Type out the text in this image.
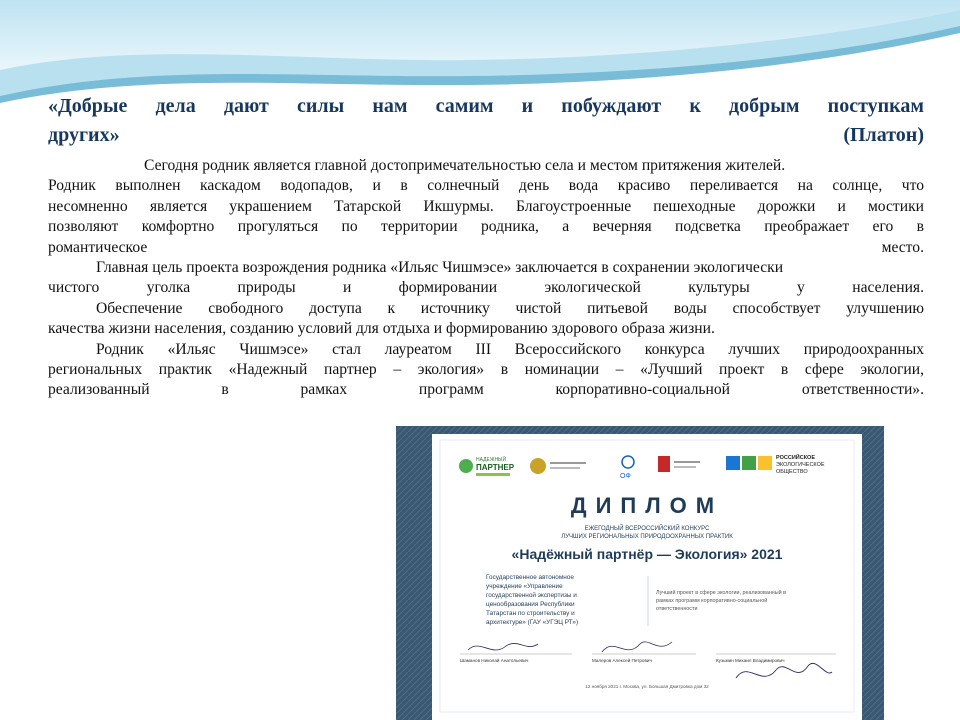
«Добрые дела дают силы нам самим и побуждают к добрым поступкам
других»	(Платон)
Сегодня родник является главной достопримечательностью села и местом притяжения жителей.
Родник выполнен каскадом водопадов, и в солнечный день вода красиво переливается на солнце, что
несомненно является украшением Татарской Икшурмы. Благоустроенные пешеходные дорожки и мостики
позволяют комфортно прогуляться по территории родника, а вечерняя подсветка преображает его в
романтическое место.
Главная цель проекта возрождения родника «Ильяс Чишмэсе» заключается в сохранении экологически
чистого уголка природы и формировании экологической культуры у населения.
Обеспечение свободного доступа к источнику чистой питьевой воды способствует улучшению
качества жизни населения, созданию условий для отдыха и формированию здорового образа жизни.
Родник «Ильяс Чишмэсе» стал лауреатом III Всероссийского конкурса лучших природоохранных
региональных практик «Надежный партнер – экология» в номинации – «Лучший проект в сфере экологии,
реализованный в рамках программ корпоративно-социальной ответственности».
НАДЕЖНЫЙ
ПАРТНЕР
ОФ
РОССИЙСКОЕ
ЭКОЛОГИЧЕСКОЕ
ОБЩЕСТВО
ДИПЛОМ
ЕЖЕГОДНЫЙ ВСЕРОССИЙСКИЙ КОНКУРС
ЛУЧШИХ РЕГИОНАЛЬНЫХ ПРИРОДООХРАННЫХ ПРАКТИК
«Надёжный партнёр — Экология» 2021
Государственное автономное
учреждение «Управление
государственной экспертизы и
ценообразования Республики
Татарстан по строительству и
архитектуре» (ГАУ «УГЭЦ РТ»)
Лучший проект в сфере экологии, реализованный в
рамках программ корпоративно-социальной
ответственности
Шаманов Николай Анатольевич	Малеров Алексей Петрович	Кузьмин Михаил Владимирович
12 ноября 2021 г. Москва, ул. Большая Дмитровка дом 32
